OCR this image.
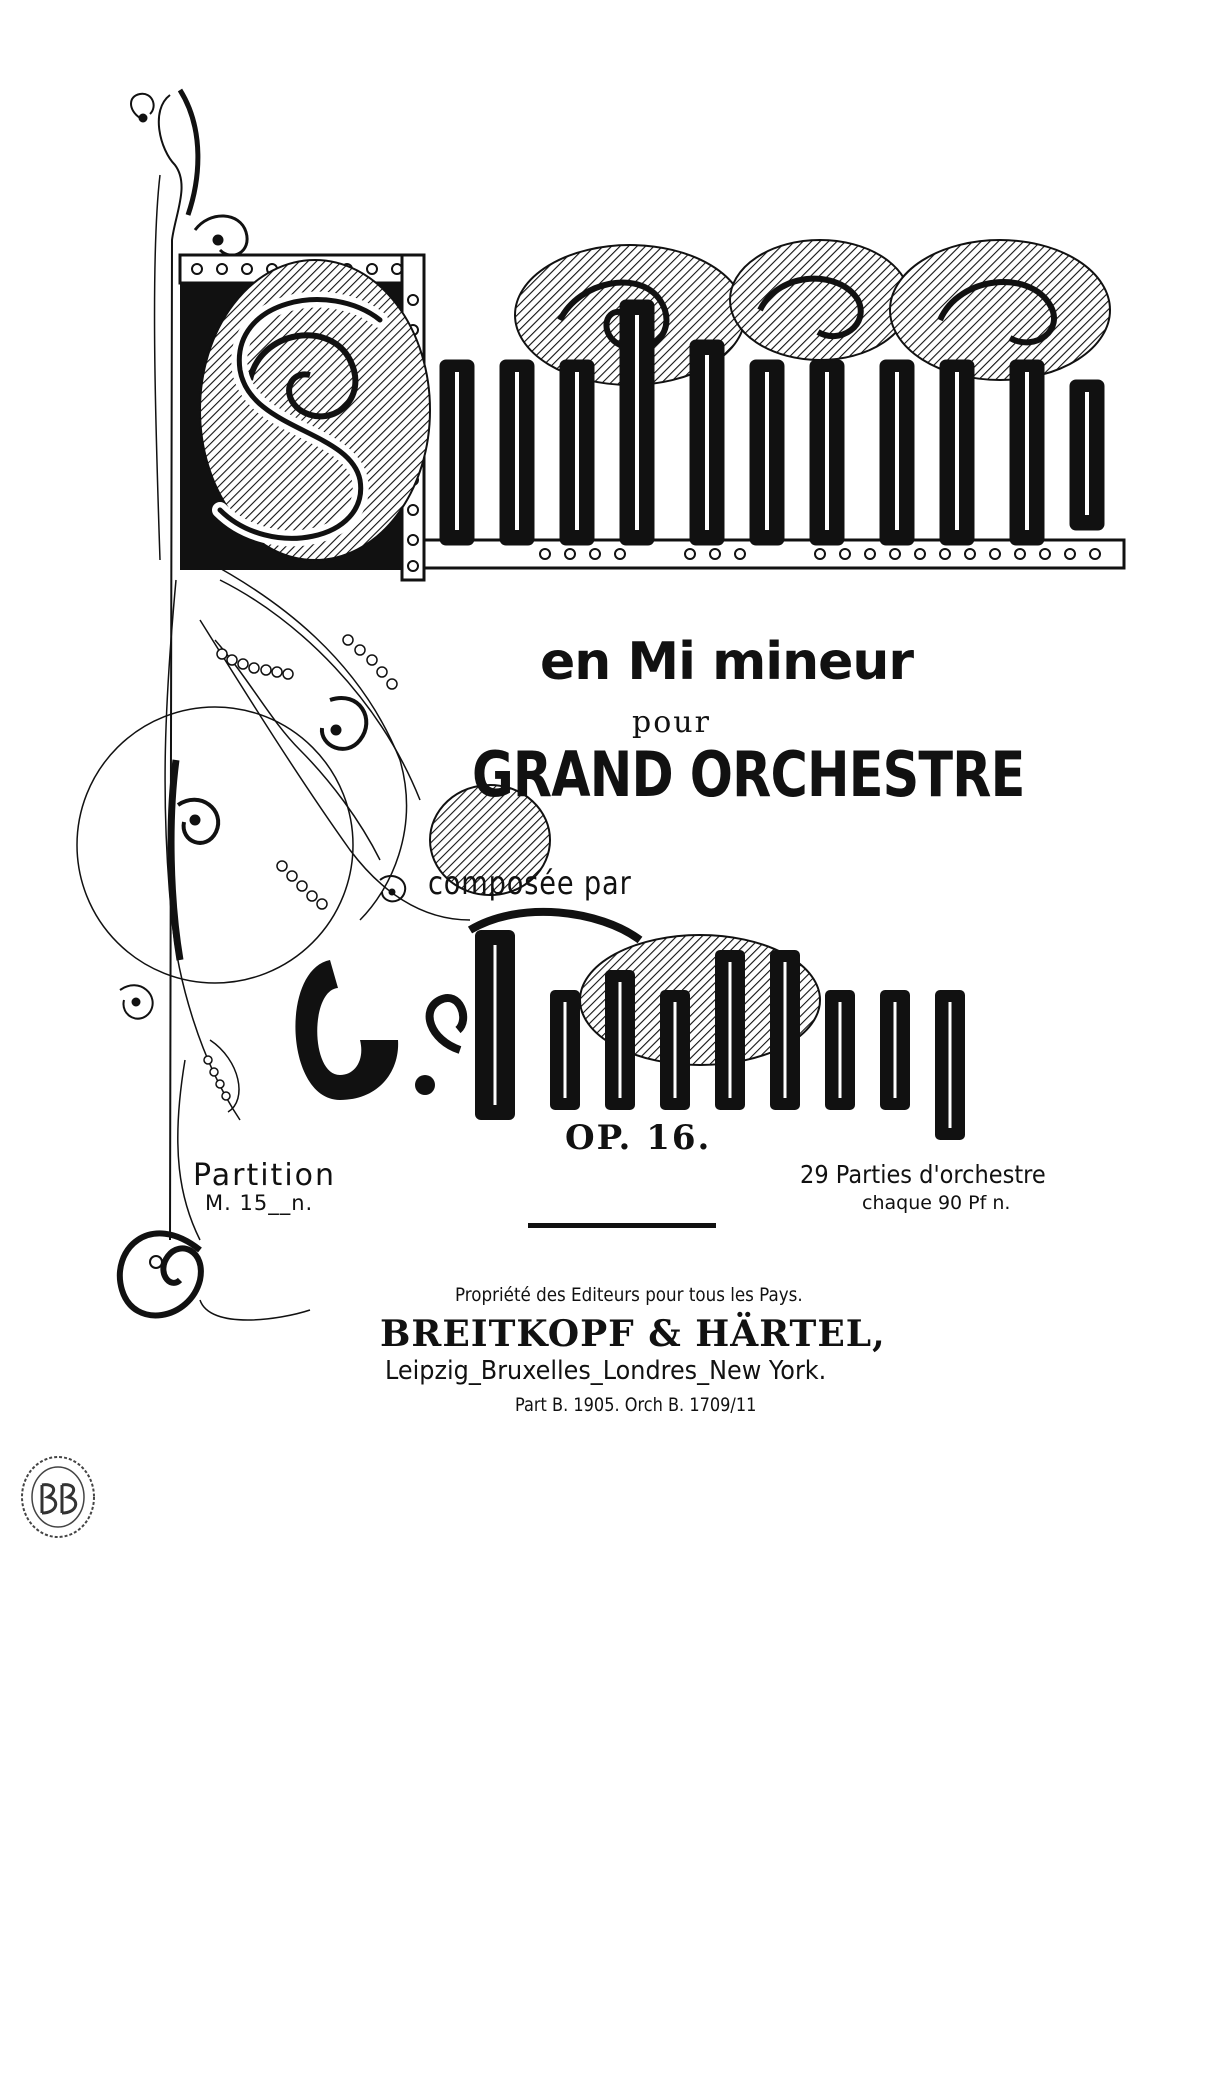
en Mi mineur
pour
GRAND ORCHESTRE
composée par
OP. 16.
Partition
M. 15__n.
29 Parties d'orchestre
chaque 90 Pf n.
Propriété des Editeurs pour tous les Pays.
BREITKOPF & HÄRTEL,
Leipzig_Bruxelles_Londres_New York.
Part B. 1905. Orch B. 1709/11
